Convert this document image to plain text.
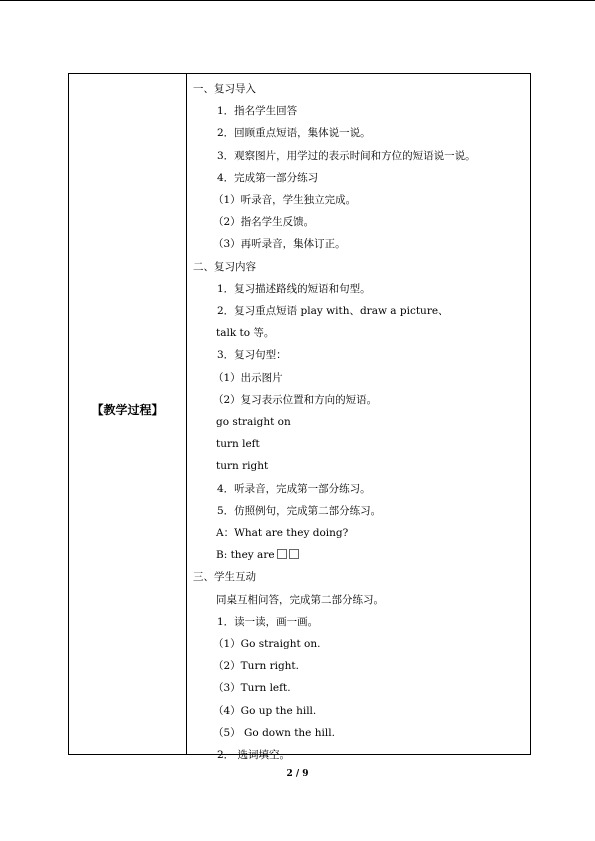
【教学过程】
一、复习导入
1．指名学生回答
2．回顾重点短语，集体说一说。
3．观察图片，用学过的表示时间和方位的短语说一说。
4．完成第一部分练习
（1）听录音，学生独立完成。
（2）指名学生反馈。
（3）再听录音，集体订正。
二、复习内容
1．复习描述路线的短语和句型。
2．复习重点短语 play with、draw a picture、
talk to 等。
3．复习句型：
（1）出示图片
（2）复习表示位置和方向的短语。
go straight on
turn left
turn right
4．听录音，完成第一部分练习。
5．仿照例句，完成第二部分练习。
A：What are they doing?
B: they are
三、学生互动
同桌互相问答，完成第二部分练习。
1．读一读，画一画。
（1）Go straight on.
（2）Turn right.
（3）Turn left.
（4）Go up the hill.
（5） Go down the hill.
2． 选词填空。
2 / 9
